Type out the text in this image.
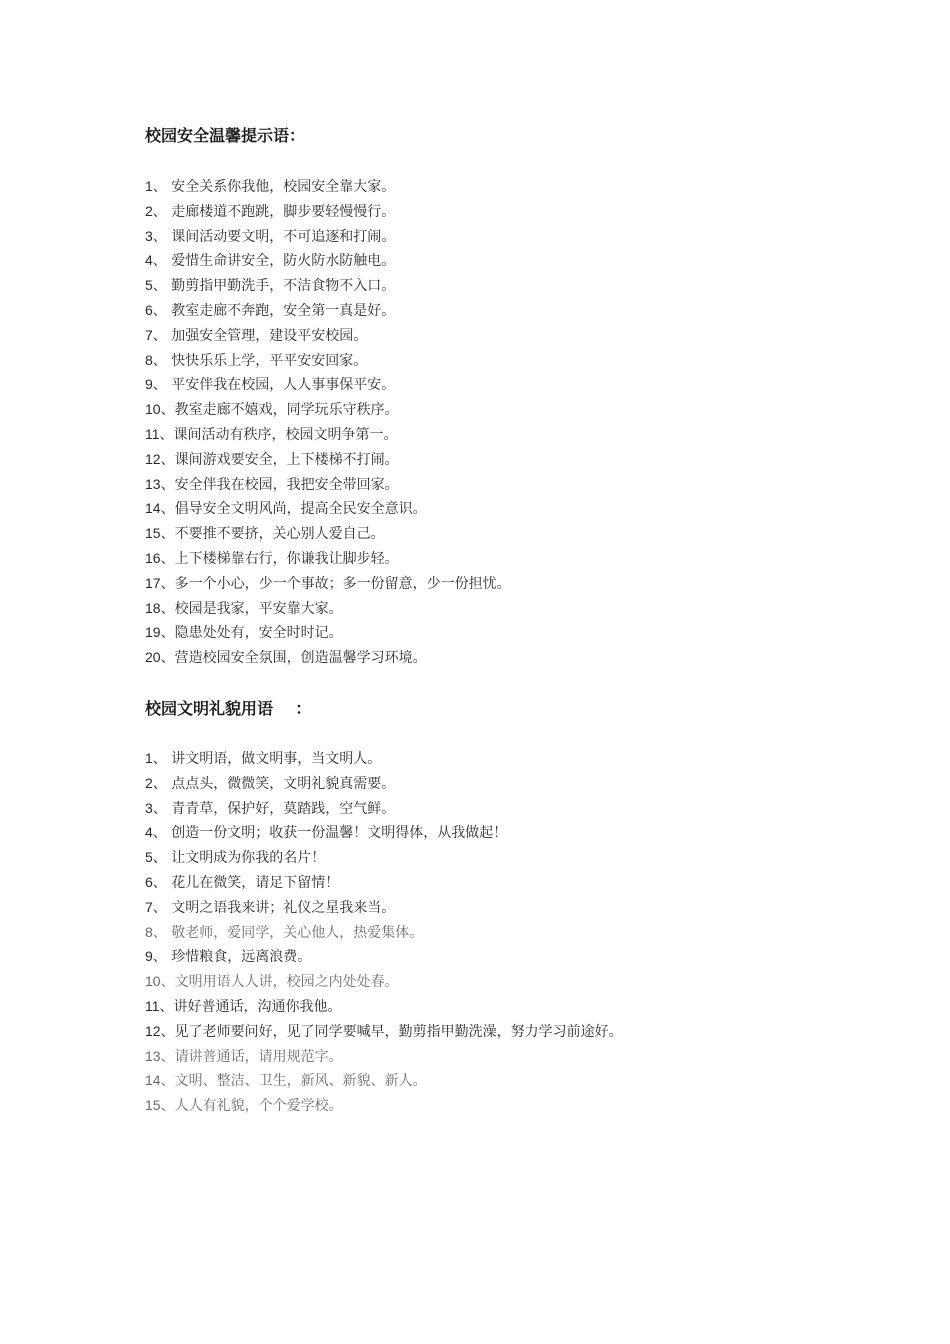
校园安全温馨提示语：
1、 安全关系你我他，校园安全靠大家。
2、 走廊楼道不跑跳，脚步要轻慢慢行。
3、 课间活动要文明，不可追逐和打闹。
4、 爱惜生命讲安全，防火防水防触电。
5、 勤剪指甲勤洗手，不洁食物不入口。
6、 教室走廊不奔跑，安全第一真是好。
7、 加强安全管理，建设平安校园。
8、 快快乐乐上学，平平安安回家。
9、 平安伴我在校园，人人事事保平安。
10、教室走廊不嬉戏，同学玩乐守秩序。
11、课间活动有秩序，校园文明争第一。
12、课间游戏要安全，上下楼梯不打闹。
13、安全伴我在校园，我把安全带回家。
14、倡导安全文明风尚，提高全民安全意识。
15、不要推不要挤，关心别人爱自己。
16、上下楼梯靠右行，你谦我让脚步轻。
17、多一个小心，少一个事故；多一份留意，少一份担忧。
18、校园是我家，平安靠大家。
19、隐患处处有，安全时时记。
20、营造校园安全氛围，创造温馨学习环境。
校园文明礼貌用语    ：
1、 讲文明语，做文明事，当文明人。
2、 点点头，微微笑，文明礼貌真需要。
3、 青青草，保护好，莫踏践，空气鲜。
4、 创造一份文明；收获一份温馨！文明得体，从我做起！
5、 让文明成为你我的名片！
6、 花儿在微笑，请足下留情！
7、 文明之语我来讲；礼仪之星我来当。
8、 敬老师，爱同学，关心他人，热爱集体。
9、 珍惜粮食，远离浪费。
10、文明用语人人讲，校园之内处处春。
11、讲好普通话，沟通你我他。
12、见了老师要问好，见了同学要喊早，勤剪指甲勤洗澡，努力学习前途好。
13、请讲普通话，请用规范字。
14、文明、整洁、卫生，新风、新貌、新人。
15、人人有礼貌，个个爱学校。
